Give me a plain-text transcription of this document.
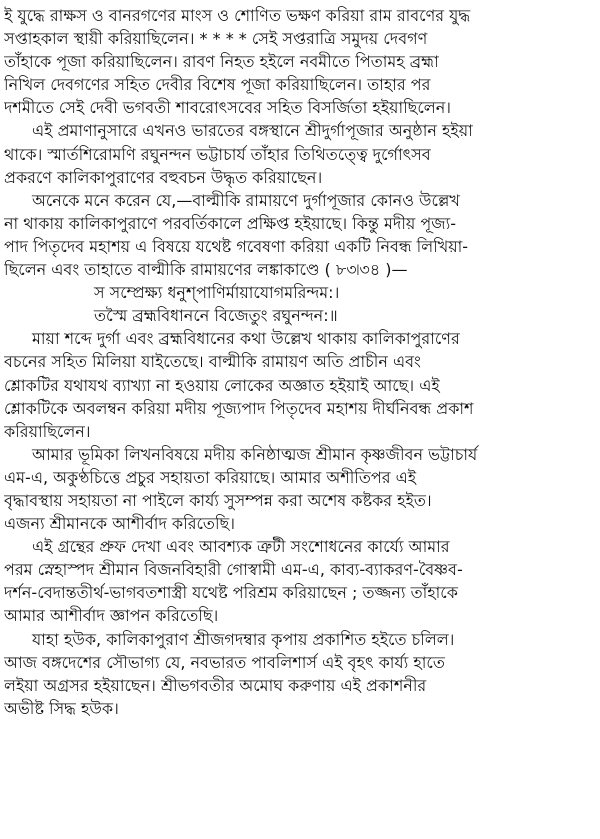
ই যুদ্ধে রাক্ষস ও বানরগণের মাংস ও শোণিত ভক্ষণ করিয়া রাম রাবণের যুদ্ধ
সপ্তাহকাল স্থায়ী করিয়াছিলেন। * * * * সেই সপ্তরাত্রি সমুদয় দেবগণ
তাঁহাকে পূজা করিয়াছিলেন। রাবণ নিহত হইলে নবমীতে পিতামহ ব্রহ্মা
নিখিল দেবগণের সহিত দেবীর বিশেষ পূজা করিয়াছিলেন। তাহার পর
দশমীতে সেই দেবী ভগবতী শাবরোৎসবের সহিত বিসর্জিতা হইয়াছিলেন।
এই প্রমাণানুসারে এখনও ভারতের বঙ্গস্থানে শ্রীদুর্গাপূজার অনুষ্ঠান হইয়া
থাকে। স্মার্তশিরোমণি রঘুনন্দন ভট্টাচার্য তাঁহার তিথিতত্ত্বে দুর্গোৎসব
প্রকরণে কালিকাপুরাণের বহুবচন উদ্ধৃত করিয়াছেন।
অনেকে মনে করেন যে,—বাল্মীকি রামায়ণে দুর্গাপূজার কোনও উল্লেখ
না থাকায় কালিকাপুরাণে পরবর্তিকালে প্রক্ষিপ্ত হইয়াছে। কিন্তু মদীয় পূজ্য-
পাদ পিতৃদেব মহাশয় এ বিষয়ে যথেষ্ট গবেষণা করিয়া একটি নিবন্ধ লিখিয়া-
ছিলেন এবং তাহাতে বাল্মীকি রামায়ণের লঙ্কাকাণ্ডে ( ৮৩৷৩৪ )—
স সম্প্রেক্ষ্য ধনুশ্পাণির্মায়াযোগমরিন্দম:।
তস্মৈ ব্রহ্মবিধাননে বিজেতুং রঘুনন্দন:॥
মায়া শব্দে দুর্গা এবং ব্রহ্মবিধানের কথা উল্লেখ থাকায় কালিকাপুরাণের
বচনের সহিত মিলিয়া যাইতেছে। বাল্মীকি রামায়ণ অতি প্রাচীন এবং
শ্লোকটির যথাযথ ব্যাখ্যা না হওয়ায় লোকের অজ্ঞাত হইয়াই আছে। এই
শ্লোকটিকে অবলম্বন করিয়া মদীয় পূজ্যপাদ পিতৃদেব মহাশয় দীর্ঘনিবন্ধ প্রকাশ
করিয়াছিলেন।
আমার ভূমিকা লিখনবিষয়ে মদীয় কনিষ্ঠাত্মজ শ্রীমান কৃষ্ণজীবন ভট্টাচার্য
এম-এ, অকুণ্ঠচিত্তে প্রচুর সহায়তা করিয়াছে। আমার অশীতিপর এই
বৃদ্ধাবস্থায় সহায়তা না পাইলে কার্য্য সুসম্পন্ন করা অশেষ কষ্টকর হইত।
এজন্য শ্রীমানকে আশীর্বাদ করিতেছি।
এই গ্রন্থের প্রুফ দেখা এবং আবশ্যক ত্রুটী সংশোধনের কার্য্যে আমার
পরম স্নেহাস্পদ শ্রীমান বিজনবিহারী গোস্বামী এম-এ, কাব্য-ব্যাকরণ-বৈষ্ণব-
দর্শন-বেদান্ততীর্থ-ভাগবতশাস্ত্রী যথেষ্ট পরিশ্রম করিয়াছেন ; তজ্জন্য তাঁহাকে
আমার আশীর্বাদ জ্ঞাপন করিতেছি।
যাহা হউক, কালিকাপুরাণ শ্রীজগদম্বার কৃপায় প্রকাশিত হইতে চলিল।
আজ বঙ্গদেশের সৌভাগ্য যে, নবভারত পাবলিশার্স এই বৃহৎ কার্য্য হাতে
লইয়া অগ্রসর হইয়াছেন। শ্রীভগবতীর অমোঘ করুণায় এই প্রকাশনীর
অভীষ্ট সিদ্ধ হউক।
